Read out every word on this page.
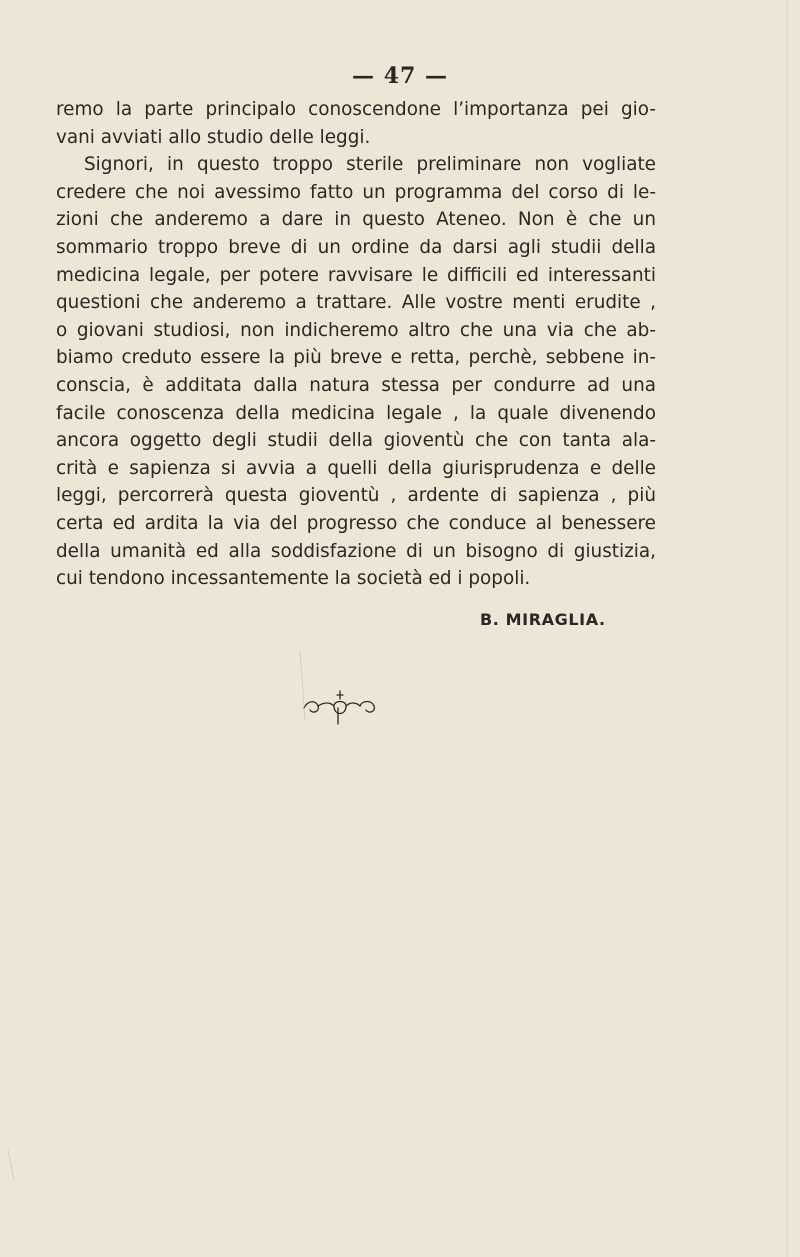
— 47 —
remo la parte principalo conoscendone l’importanza pei gio-
vani avviati allo studio delle leggi.
Signori, in questo troppo sterile preliminare non vogliate
credere che noi avessimo fatto un programma del corso di le-
zioni che anderemo a dare in questo Ateneo. Non è che un
sommario troppo breve di un ordine da darsi agli studii della
medicina legale, per potere ravvisare le difficili ed interessanti
questioni che anderemo a trattare. Alle vostre menti erudite ,
o giovani studiosi, non indicheremo altro che una via che ab-
biamo creduto essere la più breve e retta, perchè, sebbene in-
conscia, è additata dalla natura stessa per condurre ad una
facile conoscenza della medicina legale , la quale divenendo
ancora oggetto degli studii della gioventù che con tanta ala-
crità e sapienza si avvia a quelli della giurisprudenza e delle
leggi, percorrerà questa gioventù , ardente di sapienza , più
certa ed ardita la via del progresso che conduce al benessere
della umanità ed alla soddisfazione di un bisogno di giustizia,
cui tendono incessantemente la società ed i popoli.
B. MIRAGLIA.
